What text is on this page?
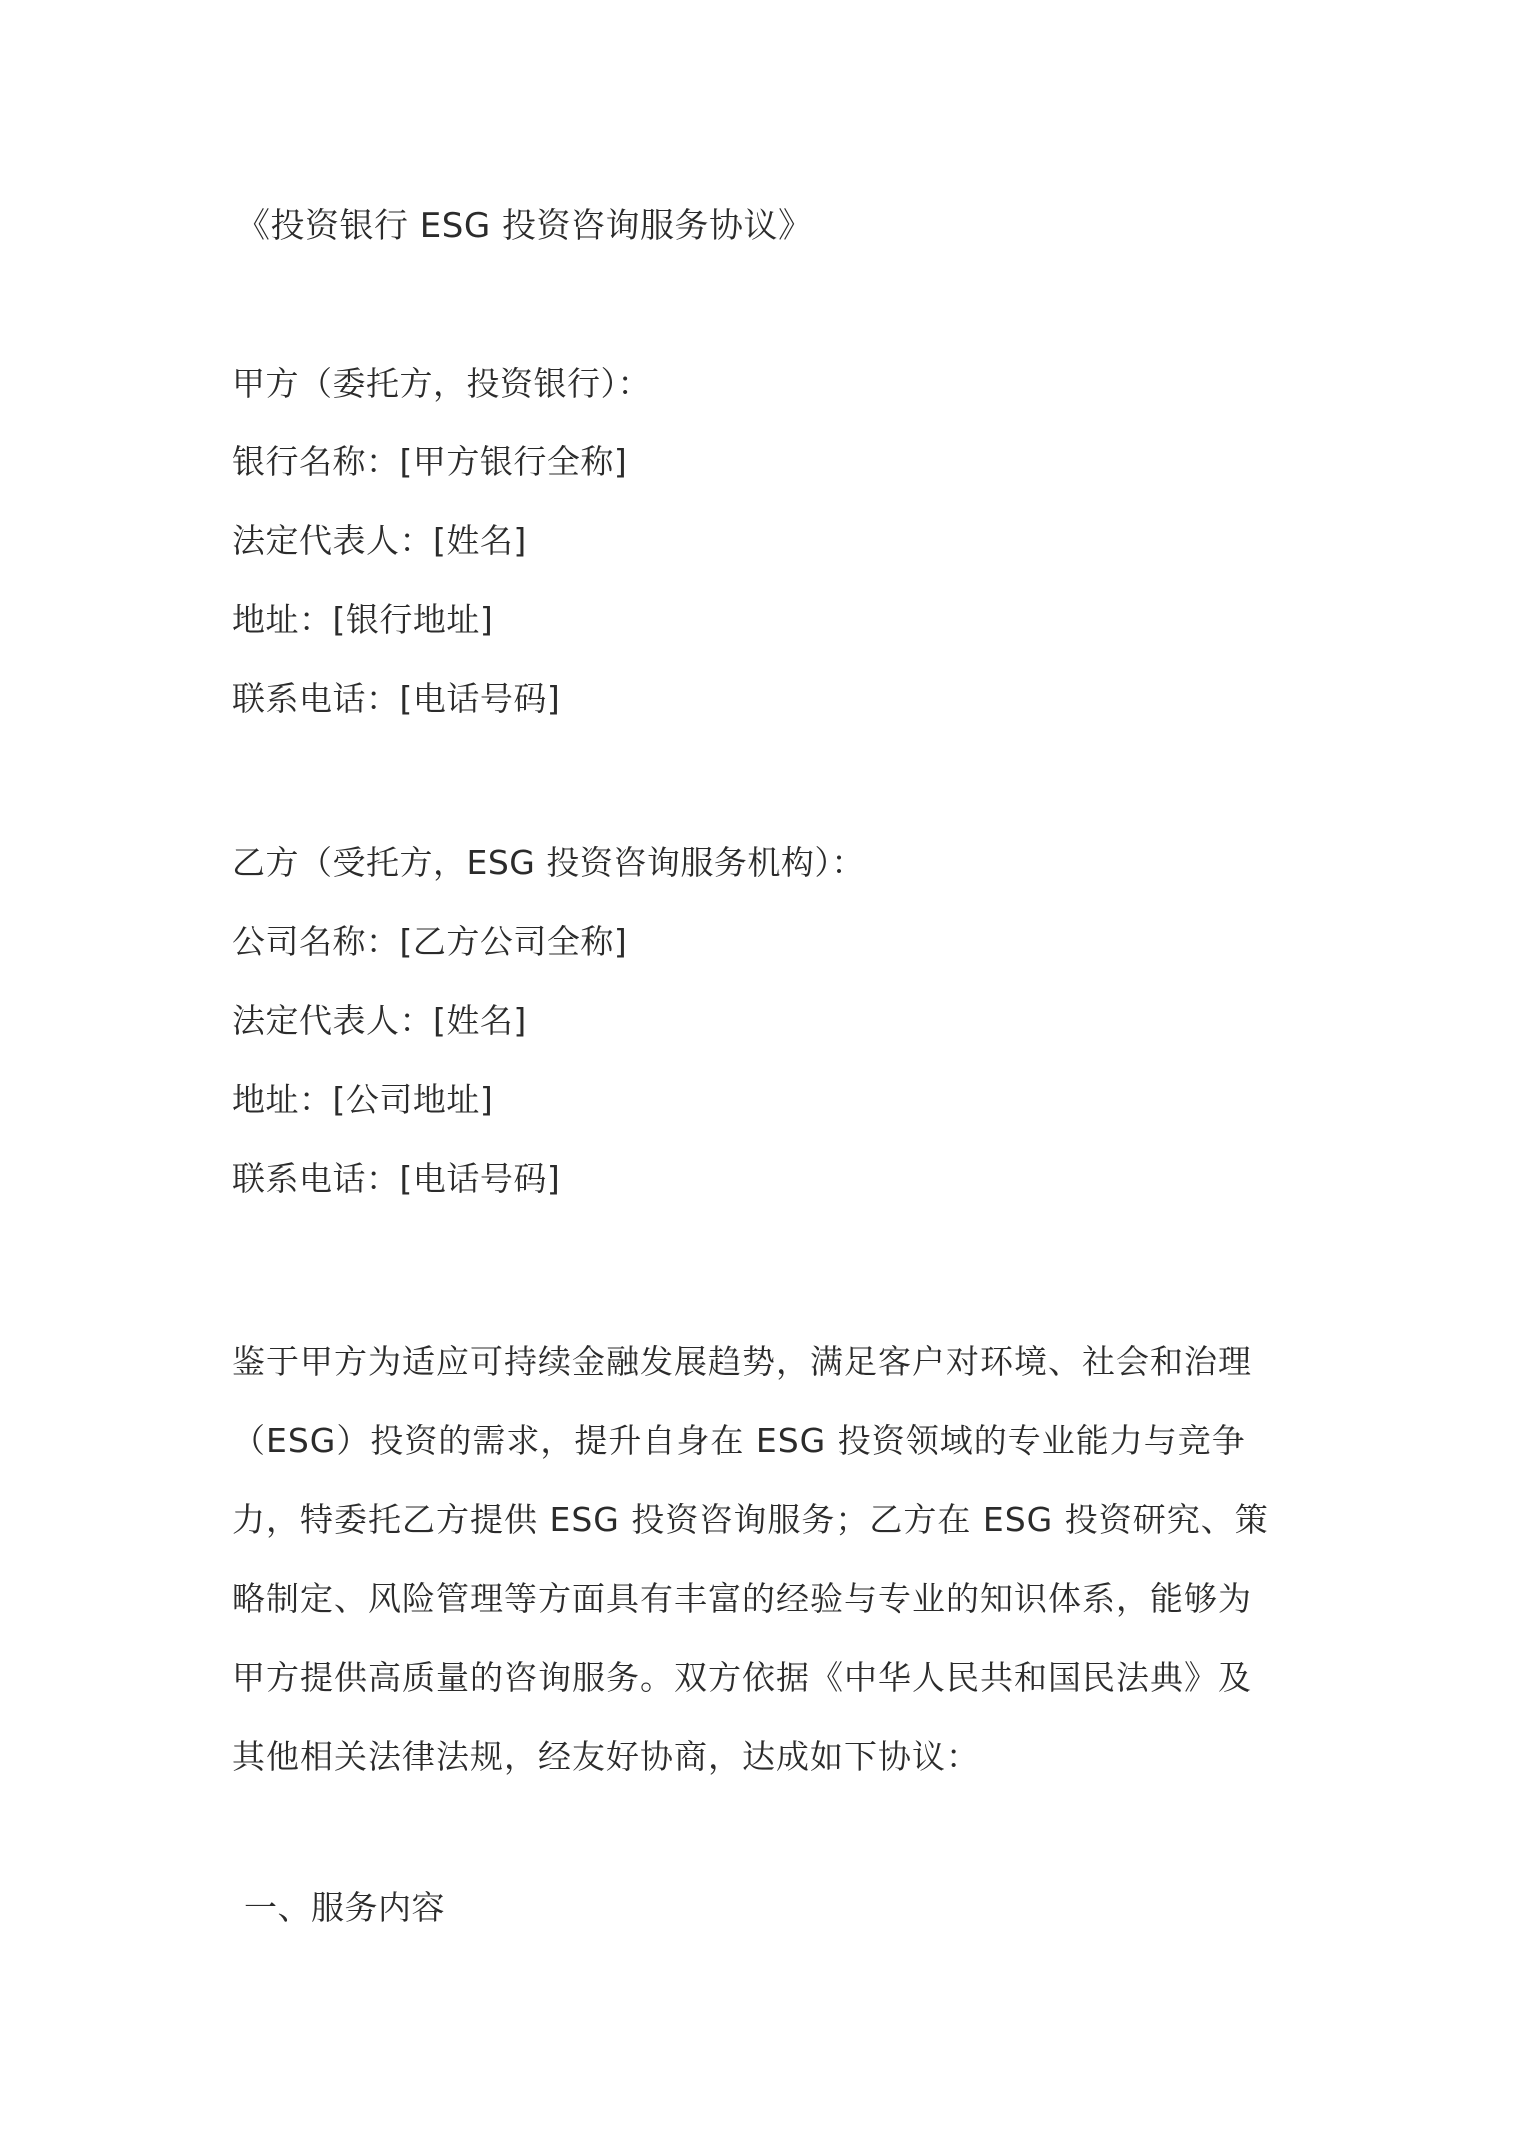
《投资银行 ESG 投资咨询服务协议》
甲方（委托方，投资银行）：
银行名称：[甲方银行全称]
法定代表人：[姓名]
地址：[银行地址]
联系电话：[电话号码]
乙方（受托方，ESG 投资咨询服务机构）：
公司名称：[乙方公司全称]
法定代表人：[姓名]
地址：[公司地址]
联系电话：[电话号码]
鉴于甲方为适应可持续金融发展趋势，满足客户对环境、社会和治理
（ESG）投资的需求，提升自身在 ESG 投资领域的专业能力与竞争
力，特委托乙方提供 ESG 投资咨询服务；乙方在 ESG 投资研究、策
略制定、风险管理等方面具有丰富的经验与专业的知识体系，能够为
甲方提供高质量的咨询服务。双方依据《中华人民共和国民法典》及
其他相关法律法规，经友好协商，达成如下协议：
一、服务内容
